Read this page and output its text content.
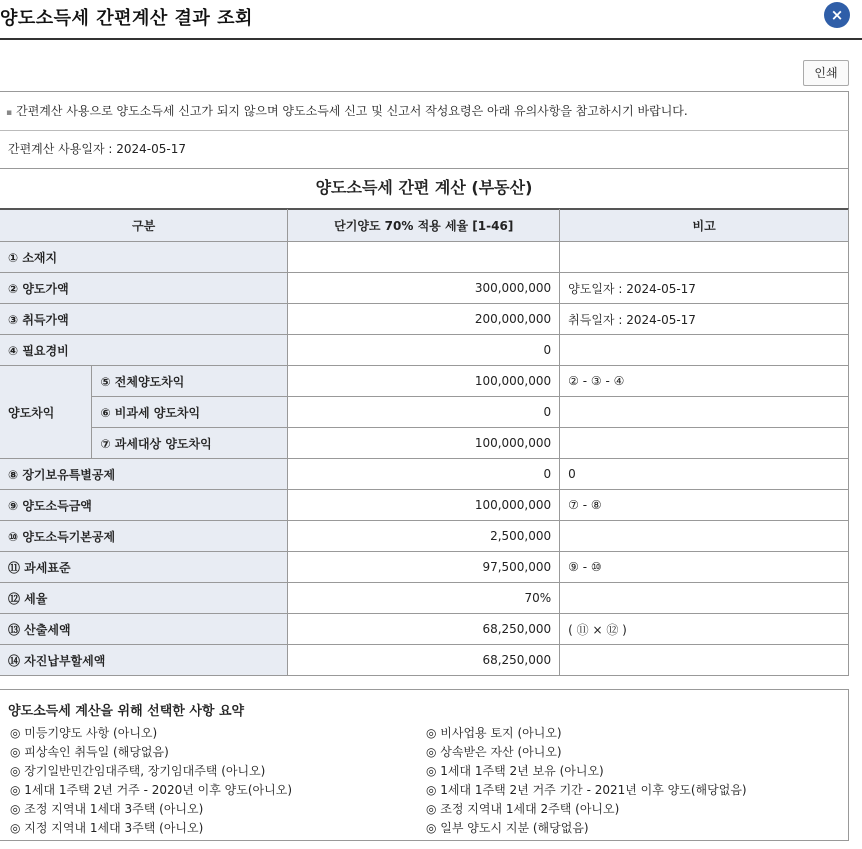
양도소득세 간편계산 결과 조회	×
인쇄
▪ 간편계산 사용으로 양도소득세 신고가 되지 않으며 양도소득세 신고 및 신고서 작성요령은 아래 유의사항을 참고하시기 바랍니다.
간편계산 사용일자 : 2024-05-17
양도소득세 간편 계산 (부동산)
구분		단기양도 70% 적용 세율 [1-46]	비고
① 소재지			
② 양도가액		300,000,000	양도일자 : 2024-05-17
③ 취득가액		200,000,000	취득일자 : 2024-05-17
④ 필요경비		0	
양도차익	⑤ 전체양도차익	100,000,000	② - ③ - ④
	⑥ 비과세 양도차익	0	
	⑦ 과세대상 양도차익	100,000,000	
⑧ 장기보유특별공제		0	0
⑨ 양도소득금액		100,000,000	⑦ - ⑧
⑩ 양도소득기본공제		2,500,000	
⑪ 과세표준		97,500,000	⑨ - ⑩
⑫ 세율		70%	
⑬ 산출세액		68,250,000	( ⑪ × ⑫ )
⑭ 자진납부할세액		68,250,000	
양도소득세 계산을 위해 선택한 사항 요약
◎ 미등기양도 사항 (아니오)
◎ 피상속인 취득일 (해당없음)
◎ 장기일반민간임대주택, 장기임대주택 (아니오)
◎ 1세대 1주택 2년 거주 - 2020년 이후 양도(아니오)
◎ 조정 지역내 1세대 3주택 (아니오)
◎ 지정 지역내 1세대 3주택 (아니오)
◎ 비사업용 토지 (아니오)
◎ 상속받은 자산 (아니오)
◎ 1세대 1주택 2년 보유 (아니오)
◎ 1세대 1주택 2년 거주 기간 - 2021년 이후 양도(해당없음)
◎ 조정 지역내 1세대 2주택 (아니오)
◎ 일부 양도시 지분 (해당없음)
